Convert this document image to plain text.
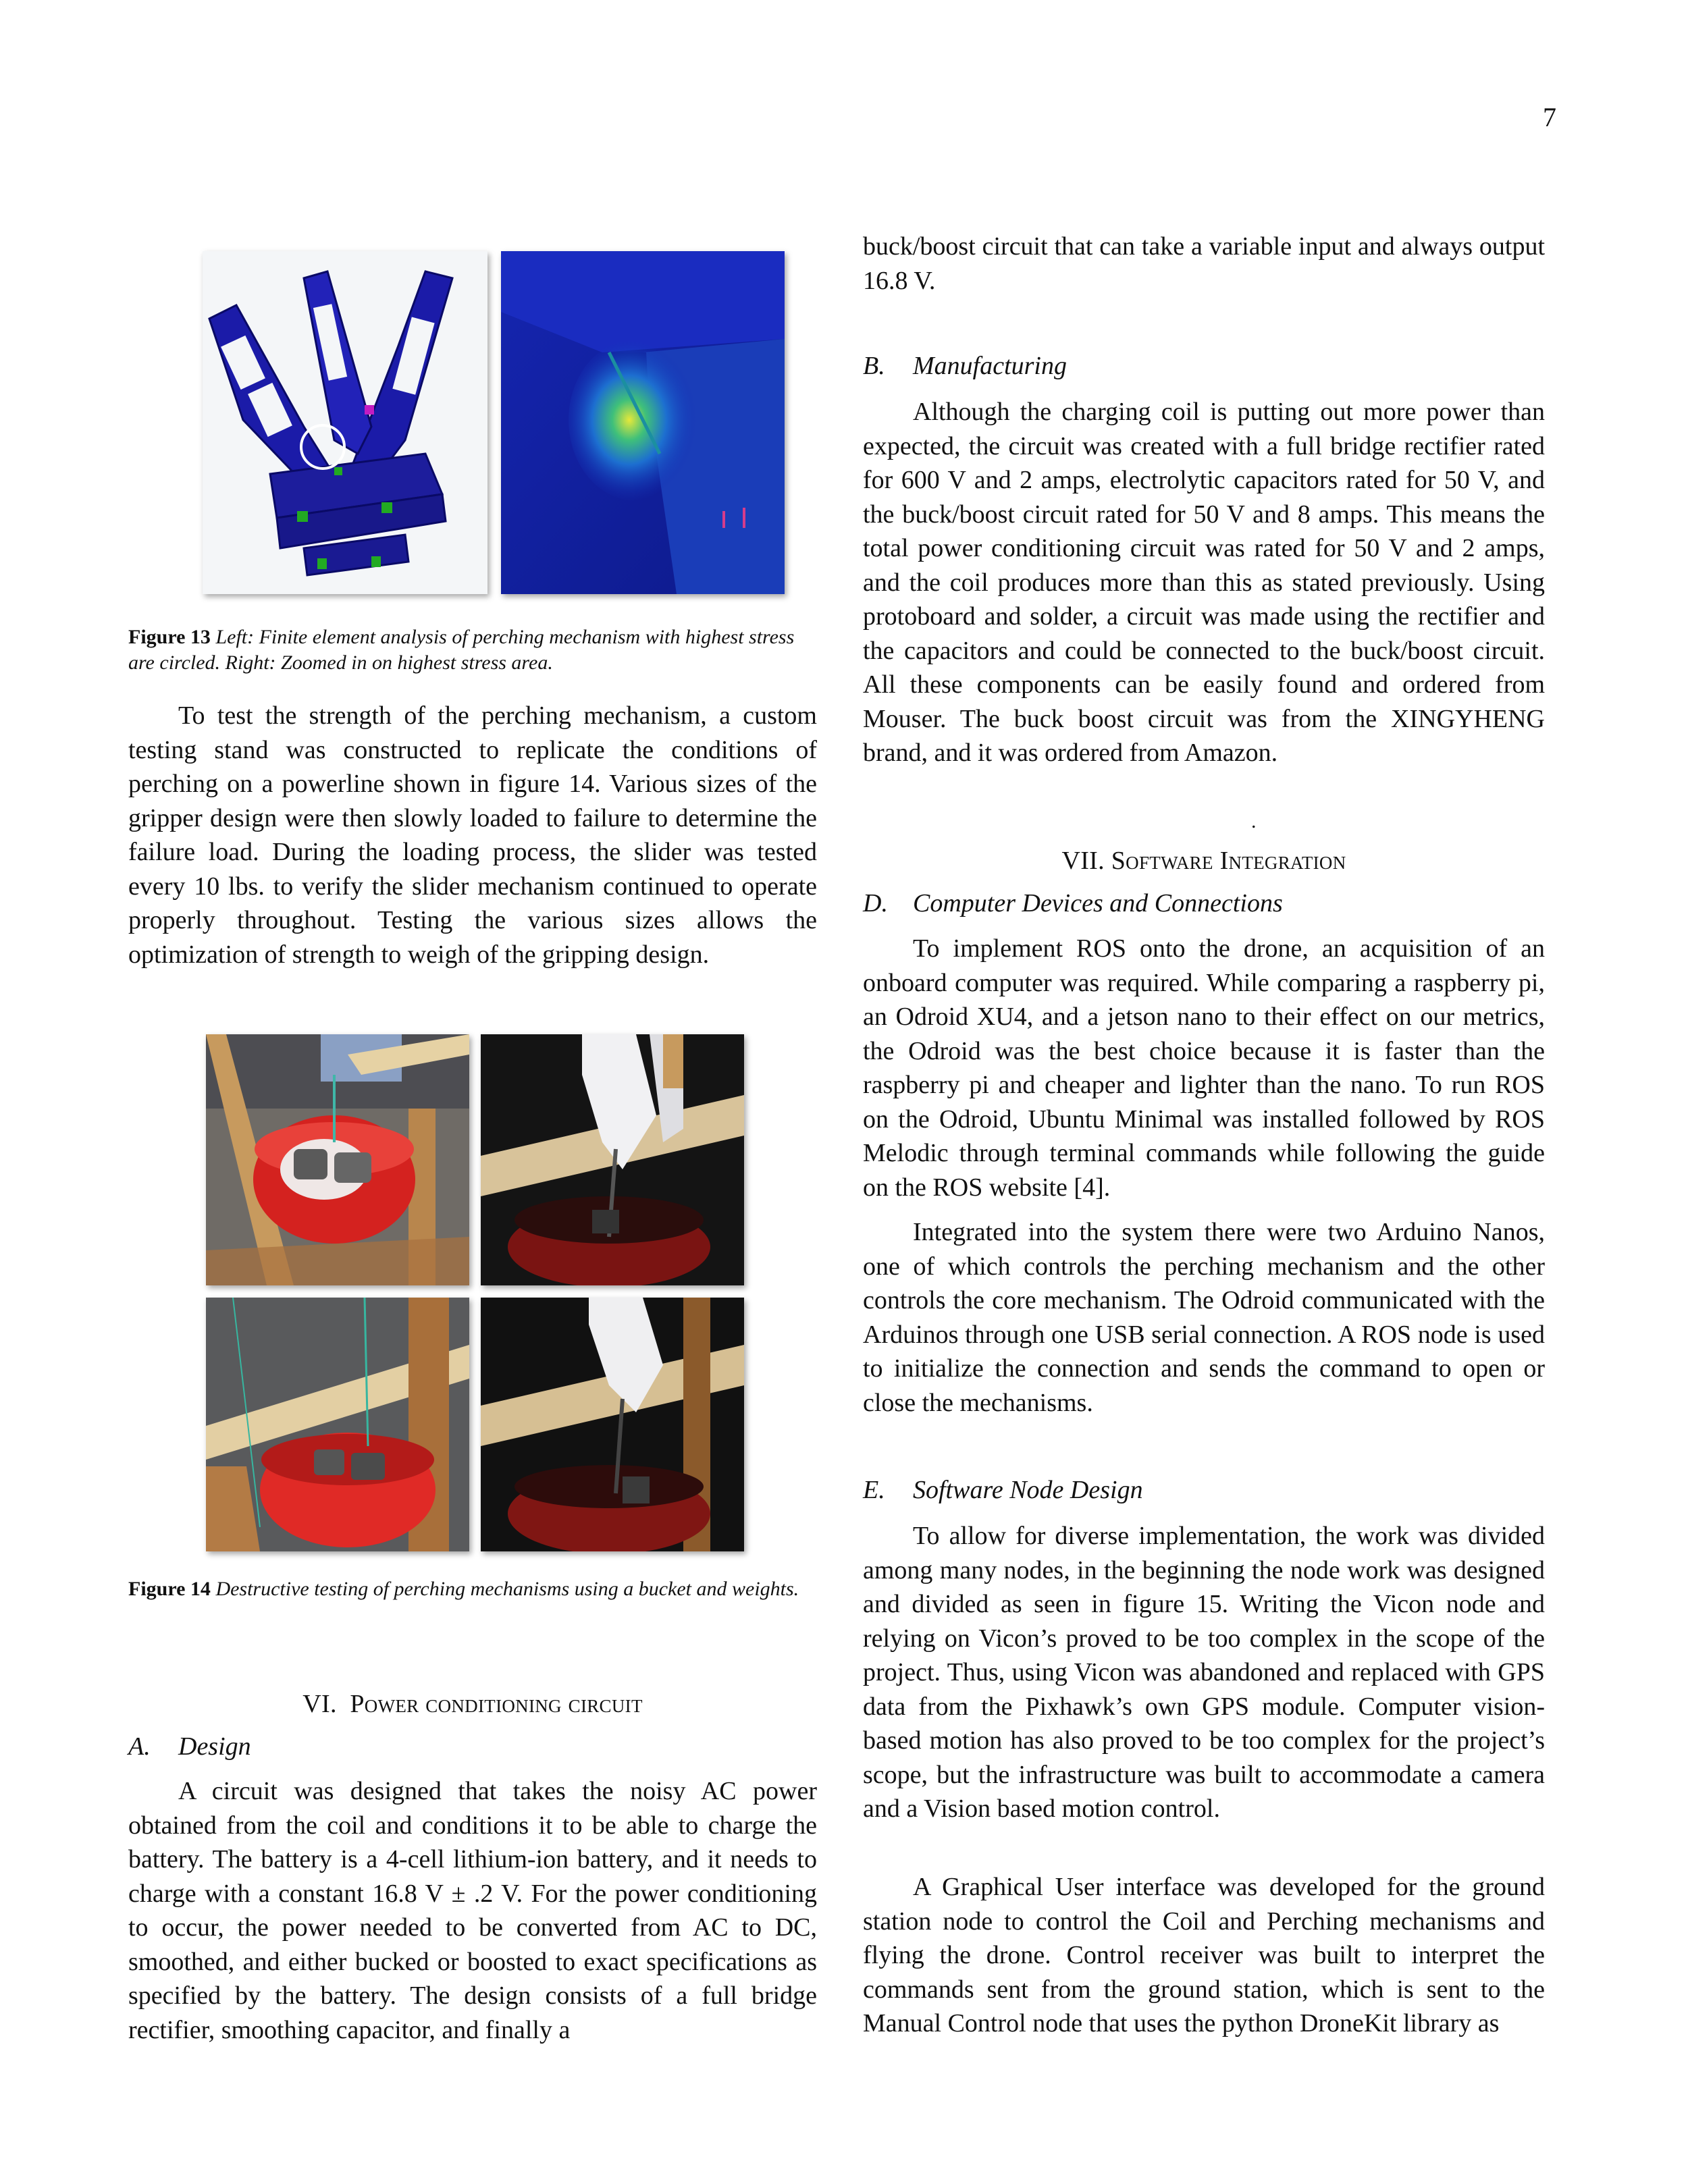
7

Figure 13 Left: Finite element analysis of perching mechanism with highest stress are circled. Right: Zoomed in on highest stress area.

To test the strength of the perching mechanism, a custom testing stand was constructed to replicate the conditions of perching on a powerline shown in figure 14. Various sizes of the gripper design were then slowly loaded to failure to determine the failure load. During the loading process, the slider was tested every 10 lbs. to verify the slider mechanism continued to operate properly throughout. Testing the various sizes allows the optimization of strength to weigh of the gripping design.

Figure 14 Destructive testing of perching mechanisms using a bucket and weights.

VI. Power conditioning circuit

A. Design

A circuit was designed that takes the noisy AC power obtained from the coil and conditions it to be able to charge the battery. The battery is a 4-cell lithium-ion battery, and it needs to charge with a constant 16.8 V ± .2 V. For the power conditioning to occur, the power needed to be converted from AC to DC, smoothed, and either bucked or boosted to exact specifications as specified by the battery. The design consists of a full bridge rectifier, smoothing capacitor, and finally a

buck/boost circuit that can take a variable input and always output 16.8 V.

B. Manufacturing

Although the charging coil is putting out more power than expected, the circuit was created with a full bridge rectifier rated for 600 V and 2 amps, electrolytic capacitors rated for 50 V, and the buck/boost circuit rated for 50 V and 8 amps. This means the total power conditioning circuit was rated for 50 V and 2 amps, and the coil produces more than this as stated previously. Using protoboard and solder, a circuit was made using the rectifier and the capacitors and could be connected to the buck/boost circuit. All these components can be easily found and ordered from Mouser. The buck boost circuit was from the XINGYHENG brand, and it was ordered from Amazon.

.

VII. Software Integration

D. Computer Devices and Connections

To implement ROS onto the drone, an acquisition of an onboard computer was required. While comparing a raspberry pi, an Odroid XU4, and a jetson nano to their effect on our metrics, the Odroid was the best choice because it is faster than the raspberry pi and cheaper and lighter than the nano. To run ROS on the Odroid, Ubuntu Minimal was installed followed by ROS Melodic through terminal commands while following the guide on the ROS website [4].

Integrated into the system there were two Arduino Nanos, one of which controls the perching mechanism and the other controls the core mechanism. The Odroid communicated with the Arduinos through one USB serial connection. A ROS node is used to initialize the connection and sends the command to open or close the mechanisms.

E. Software Node Design

To allow for diverse implementation, the work was divided among many nodes, in the beginning the node work was designed and divided as seen in figure 15. Writing the Vicon node and relying on Vicon’s proved to be too complex in the scope of the project. Thus, using Vicon was abandoned and replaced with GPS data from the Pixhawk’s own GPS module. Computer vision-based motion has also proved to be too complex for the project’s scope, but the infrastructure was built to accommodate a camera and a Vision based motion control.

A Graphical User interface was developed for the ground station node to control the Coil and Perching mechanisms and flying the drone. Control receiver was built to interpret the commands sent from the ground station, which is sent to the Manual Control node that uses the python DroneKit library as
